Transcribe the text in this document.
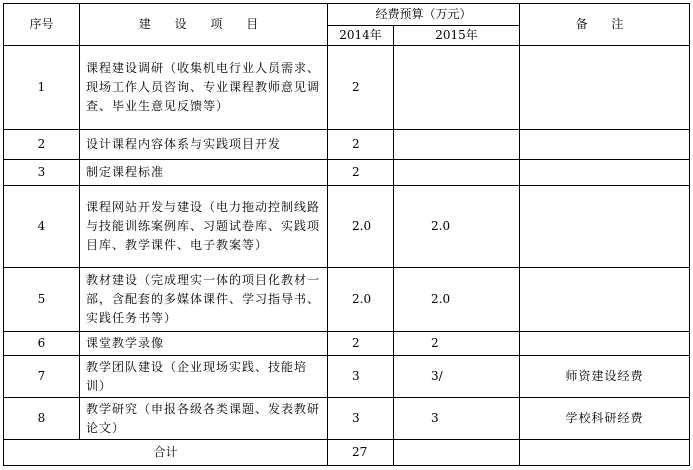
序号	建 设 项 目	经费预算（万元）		备 注
		2014年	2015年	
1	课程建设调研（收集机电行业人员需求、现场工作人员咨询、专业课程教师意见调查、毕业生意见反馈等）	2		
2	设计课程内容体系与实践项目开发	2		
3	制定课程标准	2		
4	课程网站开发与建设（电力拖动控制线路与技能训练案例库、习题试卷库、实践项目库、教学课件、电子教案等）	2.0	2.0	
5	教材建设（完成理实一体的项目化教材一部，含配套的多媒体课件、学习指导书、实践任务书等）	2.0	2.0	
6	课堂教学录像	2	2	
7	教学团队建设（企业现场实践、技能培训）	3	3/	师资建设经费
8	教学研究（申报各级各类课题、发表教研论文）	3	3	学校科研经费
合计		27		
